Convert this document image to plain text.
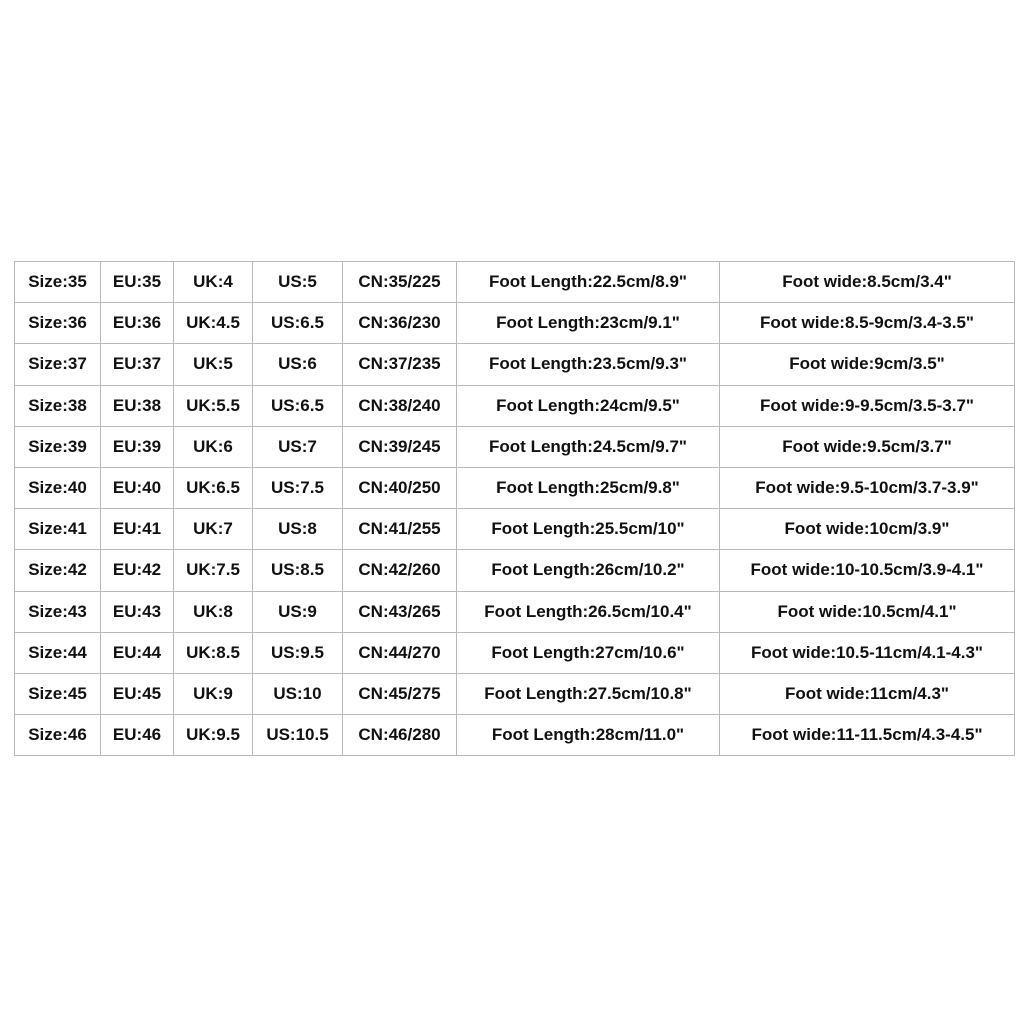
Size:35	EU:35	UK:4	US:5	CN:35/225	Foot Length:22.5cm/8.9"	Foot wide:8.5cm/3.4"
Size:36	EU:36	UK:4.5	US:6.5	CN:36/230	Foot Length:23cm/9.1"	Foot wide:8.5-9cm/3.4-3.5"
Size:37	EU:37	UK:5	US:6	CN:37/235	Foot Length:23.5cm/9.3"	Foot wide:9cm/3.5"
Size:38	EU:38	UK:5.5	US:6.5	CN:38/240	Foot Length:24cm/9.5"	Foot wide:9-9.5cm/3.5-3.7"
Size:39	EU:39	UK:6	US:7	CN:39/245	Foot Length:24.5cm/9.7"	Foot wide:9.5cm/3.7"
Size:40	EU:40	UK:6.5	US:7.5	CN:40/250	Foot Length:25cm/9.8"	Foot wide:9.5-10cm/3.7-3.9"
Size:41	EU:41	UK:7	US:8	CN:41/255	Foot Length:25.5cm/10"	Foot wide:10cm/3.9"
Size:42	EU:42	UK:7.5	US:8.5	CN:42/260	Foot Length:26cm/10.2"	Foot wide:10-10.5cm/3.9-4.1"
Size:43	EU:43	UK:8	US:9	CN:43/265	Foot Length:26.5cm/10.4"	Foot wide:10.5cm/4.1"
Size:44	EU:44	UK:8.5	US:9.5	CN:44/270	Foot Length:27cm/10.6"	Foot wide:10.5-11cm/4.1-4.3"
Size:45	EU:45	UK:9	US:10	CN:45/275	Foot Length:27.5cm/10.8"	Foot wide:11cm/4.3"
Size:46	EU:46	UK:9.5	US:10.5	CN:46/280	Foot Length:28cm/11.0"	Foot wide:11-11.5cm/4.3-4.5"
